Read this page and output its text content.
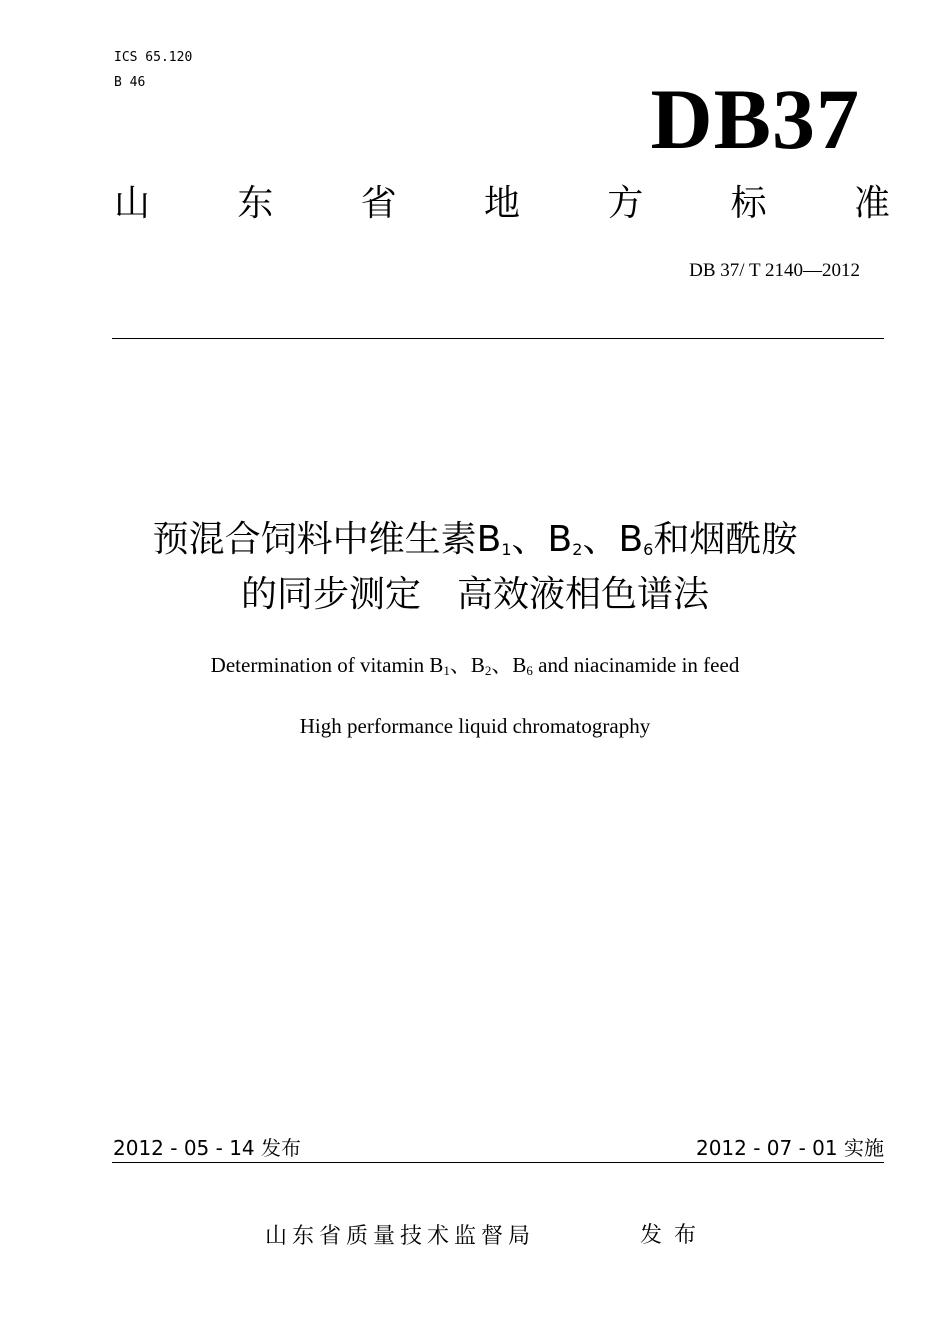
ICS 65.120
B 46	DB37
山 东 省 地 方 标 准
DB 37/ T 2140—2012
预混合饲料中维生素$B_1$、$B_2$、$B_6$和烟酰胺
的同步测定　高效液相色谱法
Determination of vitamin $B_1$、$B_2$、$B_6$ and niacinamide in feed
High performance liquid chromatography
2012 - 05 - 14 发布	2012 - 07 - 01 实施
山东省质量技术监督局	发布
